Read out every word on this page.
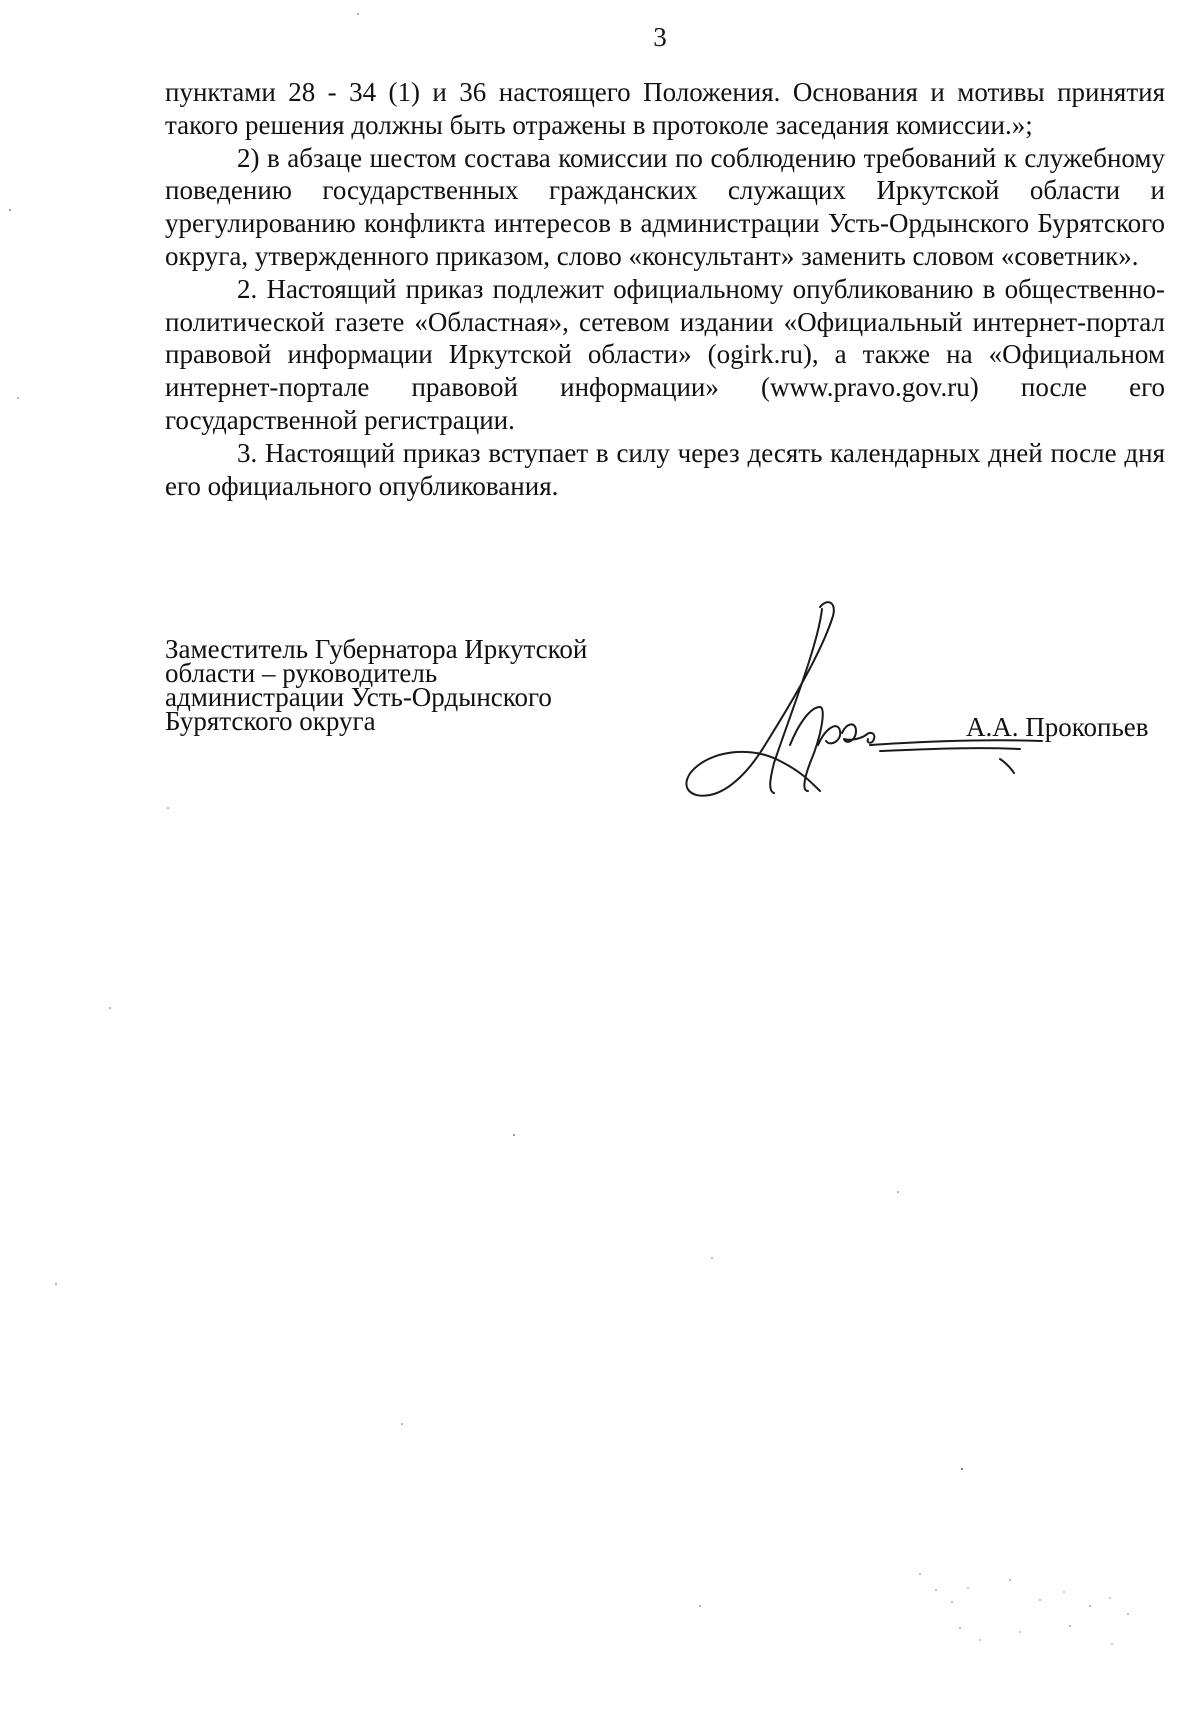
3

пунктами 28 - 34 (1) и 36 настоящего Положения. Основания и мотивы принятия такого решения должны быть отражены в протоколе заседания комиссии.»;

2) в абзаце шестом состава комиссии по соблюдению требований к служебному поведению государственных гражданских служащих Иркутской области и урегулированию конфликта интересов в администрации Усть-Ордынского Бурятского округа, утвержденного приказом, слово «консультант» заменить словом «советник».

2. Настоящий приказ подлежит официальному опубликованию в общественно-политической газете «Областная», сетевом издании «Официальный интернет-портал правовой информации Иркутской области» (ogirk.ru), а также на «Официальном интернет-портале правовой информации» (www.pravo.gov.ru) после его государственной регистрации.

3. Настоящий приказ вступает в силу через десять календарных дней после дня его официального опубликования.

Заместитель Губернатора Иркутской
области – руководитель
администрации Усть-Ордынского
Бурятского округа	А.А. Прокопьев
